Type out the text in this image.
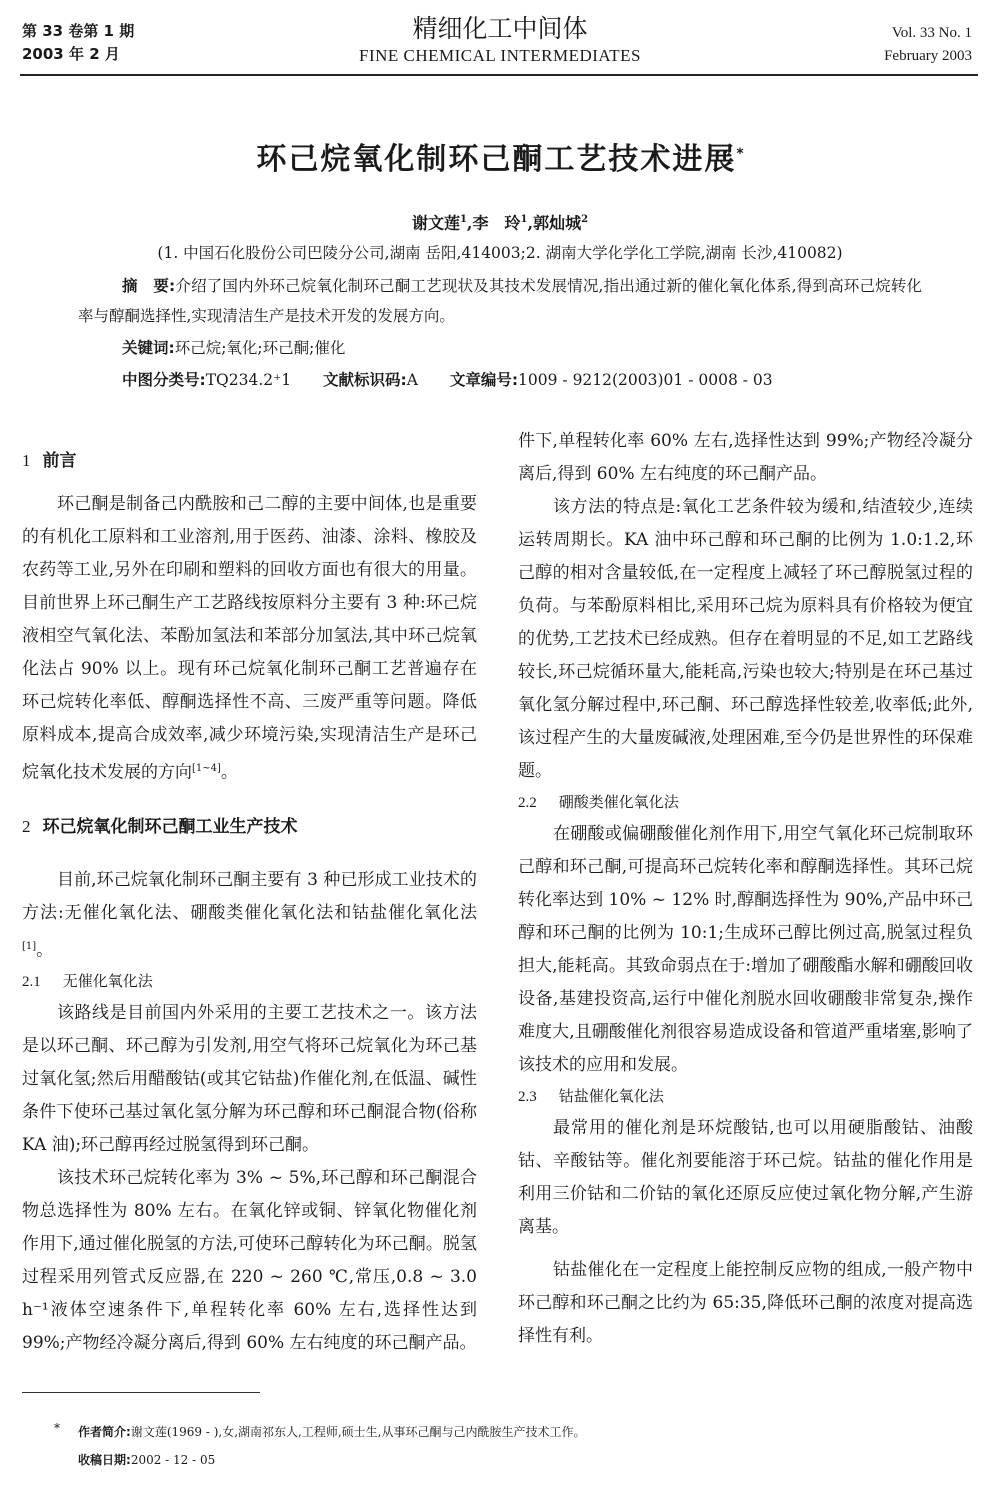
第 33 卷第 1 期
2003 年 2 月
精细化工中间体
FINE CHEMICAL INTERMEDIATES
Vol. 33 No. 1
February 2003
环己烷氧化制环己酮工艺技术进展*
谢文莲$^1$,李　玲$^1$,郭灿城$^2$
(1. 中国石化股份公司巴陵分公司,湖南 岳阳,414003;2. 湖南大学化学化工学院,湖南 长沙,410082)
摘　要:介绍了国内外环己烷氧化制环己酮工艺现状及其技术发展情况,指出通过新的催化氧化体系,得到高环己烷转化率与醇酮选择性,实现清洁生产是技术开发的发展方向。
关键词:环己烷;氧化;环己酮;催化
中图分类号:TQ234.2⁺1 文献标识码:A 文章编号:1009 - 9212(2003)01 - 0008 - 03
1 前言
环己酮是制备己内酰胺和己二醇的主要中间体,也是重要的有机化工原料和工业溶剂,用于医药、油漆、涂料、橡胶及农药等工业,另外在印刷和塑料的回收方面也有很大的用量。目前世界上环己酮生产工艺路线按原料分主要有 3 种:环己烷液相空气氧化法、苯酚加氢法和苯部分加氢法,其中环己烷氧化法占 90% 以上。现有环己烷氧化制环己酮工艺普遍存在环己烷转化率低、醇酮选择性不高、三废严重等问题。降低原料成本,提高合成效率,减少环境污染,实现清洁生产是环己烷氧化技术发展的方向[1~4]。
2 环己烷氧化制环己酮工业生产技术
目前,环己烷氧化制环己酮主要有 3 种已形成工业技术的方法:无催化氧化法、硼酸类催化氧化法和钴盐催化氧化法[1]。
2.1 无催化氧化法
该路线是目前国内外采用的主要工艺技术之一。该方法是以环己酮、环己醇为引发剂,用空气将环己烷氧化为环己基过氧化氢;然后用醋酸钴(或其它钴盐)作催化剂,在低温、碱性条件下使环己基过氧化氢分解为环己醇和环己酮混合物(俗称 KA 油);环己醇再经过脱氢得到环己酮。
该技术环己烷转化率为 3% ~ 5%,环己醇和环己酮混合物总选择性为 80% 左右。在氧化锌或铜、锌氧化物催化剂作用下,通过催化脱氢的方法,可使环己醇转化为环己酮。脱氢过程采用列管式反应器,在 220 ~ 260 ℃,常压,0.8 ~ 3.0 h⁻¹液体空速条件下,单程转化率 60% 左右,选择性达到 99%;产物经冷凝分离后,得到 60% 左右纯度的环己酮产品。
件下,单程转化率 60% 左右,选择性达到 99%;产物经冷凝分离后,得到 60% 左右纯度的环己酮产品。
该方法的特点是:氧化工艺条件较为缓和,结渣较少,连续运转周期长。KA 油中环己醇和环己酮的比例为 1.0:1.2,环己醇的相对含量较低,在一定程度上减轻了环己醇脱氢过程的负荷。与苯酚原料相比,采用环己烷为原料具有价格较为便宜的优势,工艺技术已经成熟。但存在着明显的不足,如工艺路线较长,环己烷循环量大,能耗高,污染也较大;特别是在环己基过氧化氢分解过程中,环己酮、环己醇选择性较差,收率低;此外,该过程产生的大量废碱液,处理困难,至今仍是世界性的环保难题。
2.2 硼酸类催化氧化法
在硼酸或偏硼酸催化剂作用下,用空气氧化环己烷制取环己醇和环己酮,可提高环己烷转化率和醇酮选择性。其环己烷转化率达到 10% ~ 12% 时,醇酮选择性为 90%,产品中环己醇和环己酮的比例为 10:1;生成环己醇比例过高,脱氢过程负担大,能耗高。其致命弱点在于:增加了硼酸酯水解和硼酸回收设备,基建投资高,运行中催化剂脱水回收硼酸非常复杂,操作难度大,且硼酸催化剂很容易造成设备和管道严重堵塞,影响了该技术的应用和发展。
2.3 钴盐催化氧化法
最常用的催化剂是环烷酸钴,也可以用硬脂酸钴、油酸钴、辛酸钴等。催化剂要能溶于环己烷。钴盐的催化作用是利用三价钴和二价钴的氧化还原反应使过氧化物分解,产生游离基。
钴盐催化在一定程度上能控制反应物的组成,一般产物中环己醇和环己酮之比约为 65:35,降低环己酮的浓度对提高选择性有利。
* 作者简介:谢文莲(1969 - ),女,湖南祁东人,工程师,硕士生,从事环己酮与己内酰胺生产技术工作。
收稿日期:2002 - 12 - 05
